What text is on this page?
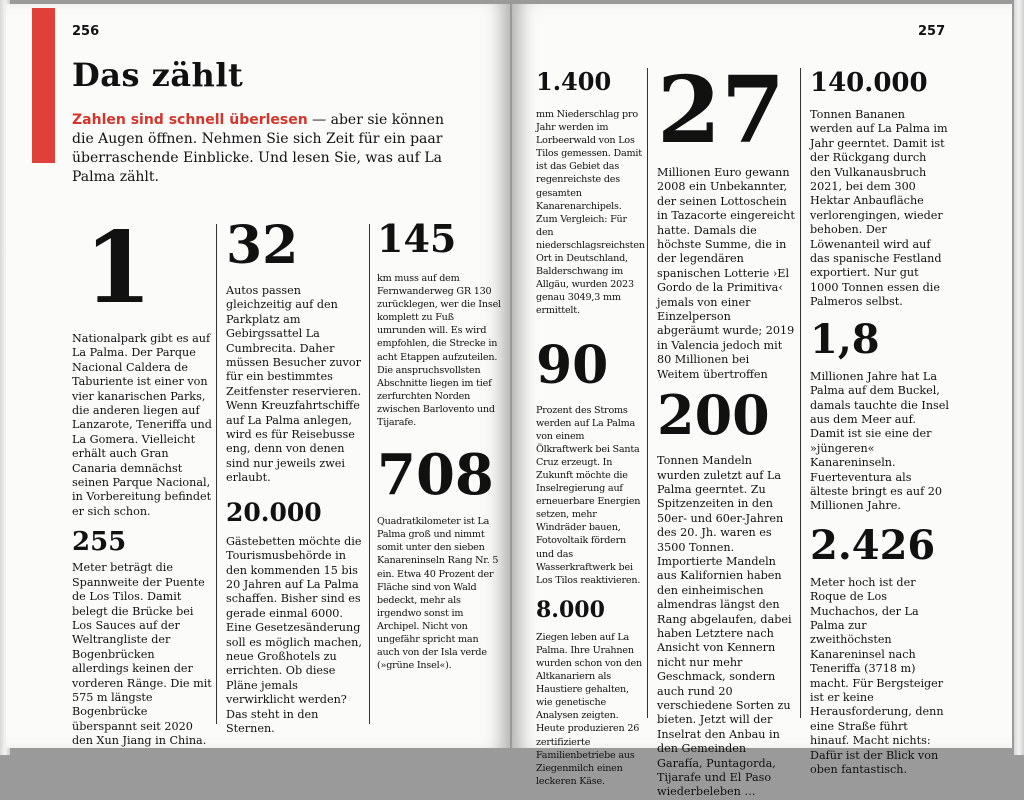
256
Das zählt

Zahlen sind schnell überlesen — aber sie können die Augen öffnen. Nehmen Sie sich Zeit für ein paar überraschende Einblicke. Und lesen Sie, was auf La Palma zählt.

1

Nationalpark gibt es auf La Palma. Der Parque Nacional Caldera de Taburiente ist einer von vier kanarischen Parks, die anderen liegen auf Lanzarote, Teneriffa und La Gomera. Vielleicht erhält auch Gran Canaria demnächst seinen Parque Nacional, in Vorbereitung befindet er sich schon.

255

Meter beträgt die Spannweite der Puente de Los Tilos. Damit belegt die Brücke bei Los Sauces auf der Weltrangliste der Bogenbrücken allerdings keinen der vorderen Ränge. Die mit 575 m längste Bogenbrücke überspannt seit 2020 den Xun Jiang in China.

32

Autos passen gleichzeitig auf den Parkplatz am Gebirgssattel La Cumbrecita. Daher müssen Besucher zuvor für ein bestimmtes Zeitfenster reservieren. Wenn Kreuzfahrtschiffe auf La Palma anlegen, wird es für Reisebusse eng, denn von denen sind nur jeweils zwei erlaubt.

20.000

Gästebetten möchte die Tourismusbehörde in den kommenden 15 bis 20 Jahren auf La Palma schaffen. Bisher sind es gerade einmal 6000. Eine Gesetzesänderung soll es möglich machen, neue Großhotels zu errichten. Ob diese Pläne jemals verwirklicht werden? Das steht in den Sternen.

145

km muss auf dem Fernwanderweg GR 130 zurücklegen, wer die Insel komplett zu Fuß umrunden will. Es wird empfohlen, die Strecke in acht Etappen aufzuteilen. Die anspruchsvollsten Abschnitte liegen im tief zerfurchten Norden zwischen Barlovento und Tijarafe.

708

Quadratkilometer ist La Palma groß und nimmt somit unter den sieben Kanareninseln Rang Nr. 5 ein. Etwa 40 Prozent der Fläche sind von Wald bedeckt, mehr als irgendwo sonst im Archipel. Nicht von ungefähr spricht man auch von der Isla verde (»grüne Insel«).

257
1.400

mm Niederschlag pro Jahr werden im Lorbeerwald von Los Tilos gemessen. Damit ist das Gebiet das regenreichste des gesamten Kanarenarchipels. Zum Vergleich: Für den niederschlagsreichsten Ort in Deutschland, Balderschwang im Allgäu, wurden 2023 genau 3049,3 mm ermittelt.

90

Prozent des Stroms werden auf La Palma von einem Ölkraftwerk bei Santa Cruz erzeugt. In Zukunft möchte die Inselregierung auf erneuerbare Energien setzen, mehr Windräder bauen, Fotovoltaik fördern und das Wasserkraftwerk bei Los Tilos reaktivieren.

8.000

Ziegen leben auf La Palma. Ihre Urahnen wurden schon von den Altkanariern als Haustiere gehalten, wie genetische Analysen zeigten. Heute produzieren 26 zertifizierte Familienbetriebe aus Ziegenmilch einen leckeren Käse.

27

Millionen Euro gewann 2008 ein Unbekannter, der seinen Lottoschein in Tazacorte eingereicht hatte. Damals die höchste Summe, die in der legendären spanischen Lotterie ›El Gordo de la Primitiva‹ jemals von einer Einzelperson abgeräumt wurde; 2019 in Valencia jedoch mit 80 Millionen bei Weitem übertroffen

200

Tonnen Mandeln wurden zuletzt auf La Palma geerntet. Zu Spitzenzeiten in den 50er- und 60er-Jahren des 20. Jh. waren es 3500 Tonnen. Importierte Mandeln aus Kalifornien haben den einheimischen almendras längst den Rang abgelaufen, dabei haben Letztere nach Ansicht von Kennern nicht nur mehr Geschmack, sondern auch rund 20 verschiedene Sorten zu bieten. Jetzt will der Inselrat den Anbau in den Gemeinden Garafía, Puntagorda, Tijarafe und El Paso wiederbeleben …

140.000

Tonnen Bananen werden auf La Palma im Jahr geerntet. Damit ist der Rückgang durch den Vulkanausbruch 2021, bei dem 300 Hektar Anbaufläche verlorengingen, wieder behoben. Der Löwenanteil wird auf das spanische Festland exportiert. Nur gut 1000 Tonnen essen die Palmeros selbst.

1,8

Millionen Jahre hat La Palma auf dem Buckel, damals tauchte die Insel aus dem Meer auf. Damit ist sie eine der »jüngeren« Kanareninseln. Fuerteventura als älteste bringt es auf 20 Millionen Jahre.

2.426

Meter hoch ist der Roque de Los Muchachos, der La Palma zur zweithöchsten Kanareninsel nach Teneriffa (3718 m) macht. Für Bergsteiger ist er keine Herausforderung, denn eine Straße führt hinauf. Macht nichts: Dafür ist der Blick von oben fantastisch.
